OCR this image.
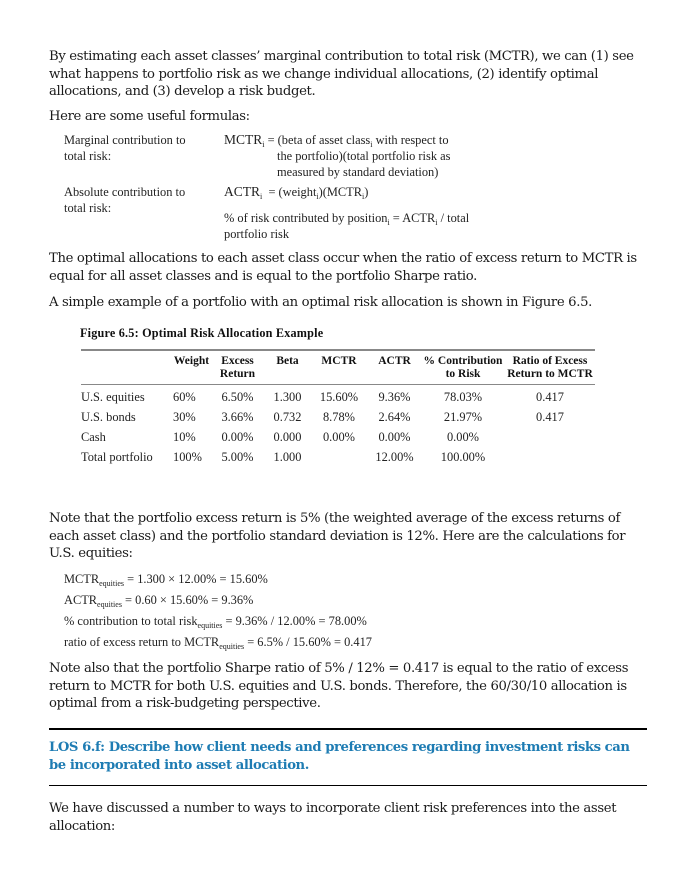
By estimating each asset classes’ marginal contribution to total risk (MCTR), we can (1) see what happens to portfolio risk as we change individual allocations, (2) identify optimal allocations, and (3) develop a risk budget.

Here are some useful formulas:

Marginal contribution to total risk:
$MCTR_i$ = (beta of asset class$_i$ with respect to
the portfolio)(total portfolio risk as
measured by standard deviation)
Absolute contribution to total risk:
$ACTR_i$  = $(weight_i)(MCTR_i)$
% of risk contributed by position$_i$ = $ACTR_i$ / total
portfolio risk

The optimal allocations to each asset class occur when the ratio of excess return to MCTR is equal for all asset classes and is equal to the portfolio Sharpe ratio.

A simple example of a portfolio with an optimal risk allocation is shown in Figure 6.5.

Figure 6.5: Optimal Risk Allocation Example
	Weight	Excess Return	Beta	MCTR	ACTR	% Contribution to Risk	Ratio of Excess Return to MCTR
U.S. equities	60%	6.50%	1.300	15.60%	9.36%	78.03%	0.417
U.S. bonds	30%	3.66%	0.732	8.78%	2.64%	21.97%	0.417
Cash	10%	0.00%	0.000	0.00%	0.00%	0.00%	
Total portfolio	100%	5.00%	1.000		12.00%	100.00%	

Note that the portfolio excess return is 5% (the weighted average of the excess returns of each asset class) and the portfolio standard deviation is 12%. Here are the calculations for U.S. equities:

$MCTR_{equities} = 1.300 \times 12.00\% = 15.60\%$
$ACTR_{equities} = 0.60 \times 15.60\% = 9.36\%$
% contribution to total risk$_{equities}$ = 9.36% / 12.00% = 78.00%
ratio of excess return to $MCTR_{equities} = 6.5\% / 15.60\% = 0.417$

Note also that the portfolio Sharpe ratio of 5% / 12% = 0.417 is equal to the ratio of excess return to MCTR for both U.S. equities and U.S. bonds. Therefore, the 60/30/10 allocation is optimal from a risk-budgeting perspective.

LOS 6.f: Describe how client needs and preferences regarding investment risks can be incorporated into asset allocation.

We have discussed a number to ways to incorporate client risk preferences into the asset allocation:
